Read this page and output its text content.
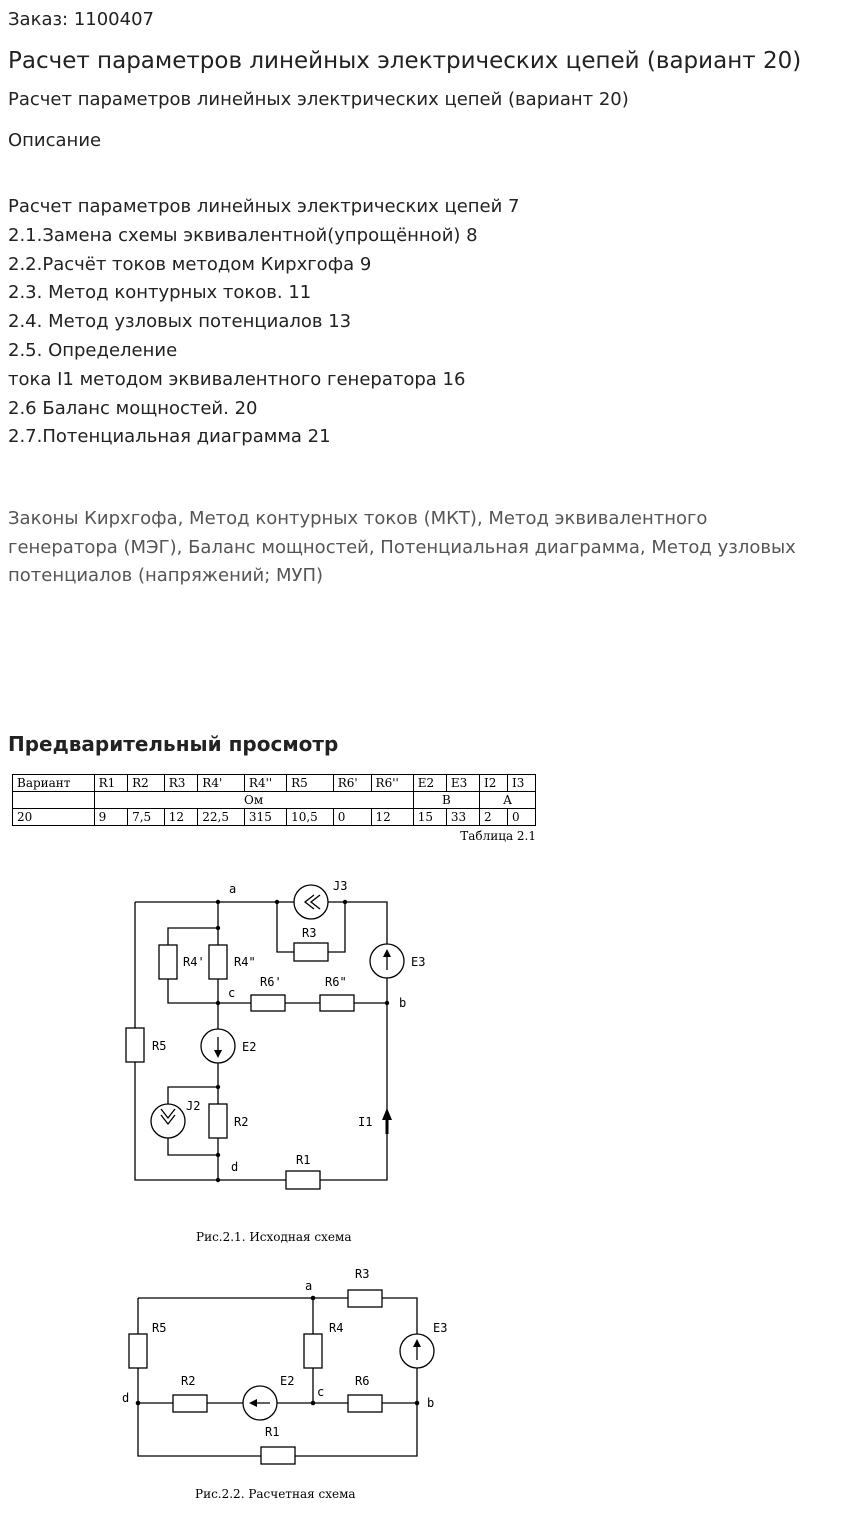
Заказ: 1100407
Расчет параметров линейных электрических цепей (вариант 20)
Расчет параметров линейных электрических цепей (вариант 20)
Описание
Расчет параметров линейных электрических цепей 7
2.1.Замена схемы эквивалентной(упрощённой) 8
2.2.Расчёт токов методом Кирхгофа 9
2.3. Метод контурных токов. 11
2.4. Метод узловых потенциалов 13
2.5. Определение
тока I1 методом эквивалентного генератора 16
2.6 Баланс мощностей. 20
2.7.Потенциальная диаграмма 21
Законы Кирхгофа, Метод контурных токов (МКТ), Метод эквивалентного генератора (МЭГ), Баланс мощностей, Потенциальная диаграмма, Метод узловых потенциалов (напряжений; МУП)
Предварительный просмотр
Вариант	R1	R2	R3	R4'	R4''	R5	R6'	R6''	E2	E3	I2	I3
	Ом								В		А	
20	9	7,5	12	22,5	315	10,5	0	12	15	33	2	0
Таблица 2.1
a
b
c
d
J3
R3
E3
R4' R4"
R6'	R6"
R5	E2
J2
R2	I1
R1
Рис.2.1. Исходная схема
a
b
c
d
R3
E3
R5	R4
R2	E2	R6
R1
Рис.2.2. Расчетная схема
